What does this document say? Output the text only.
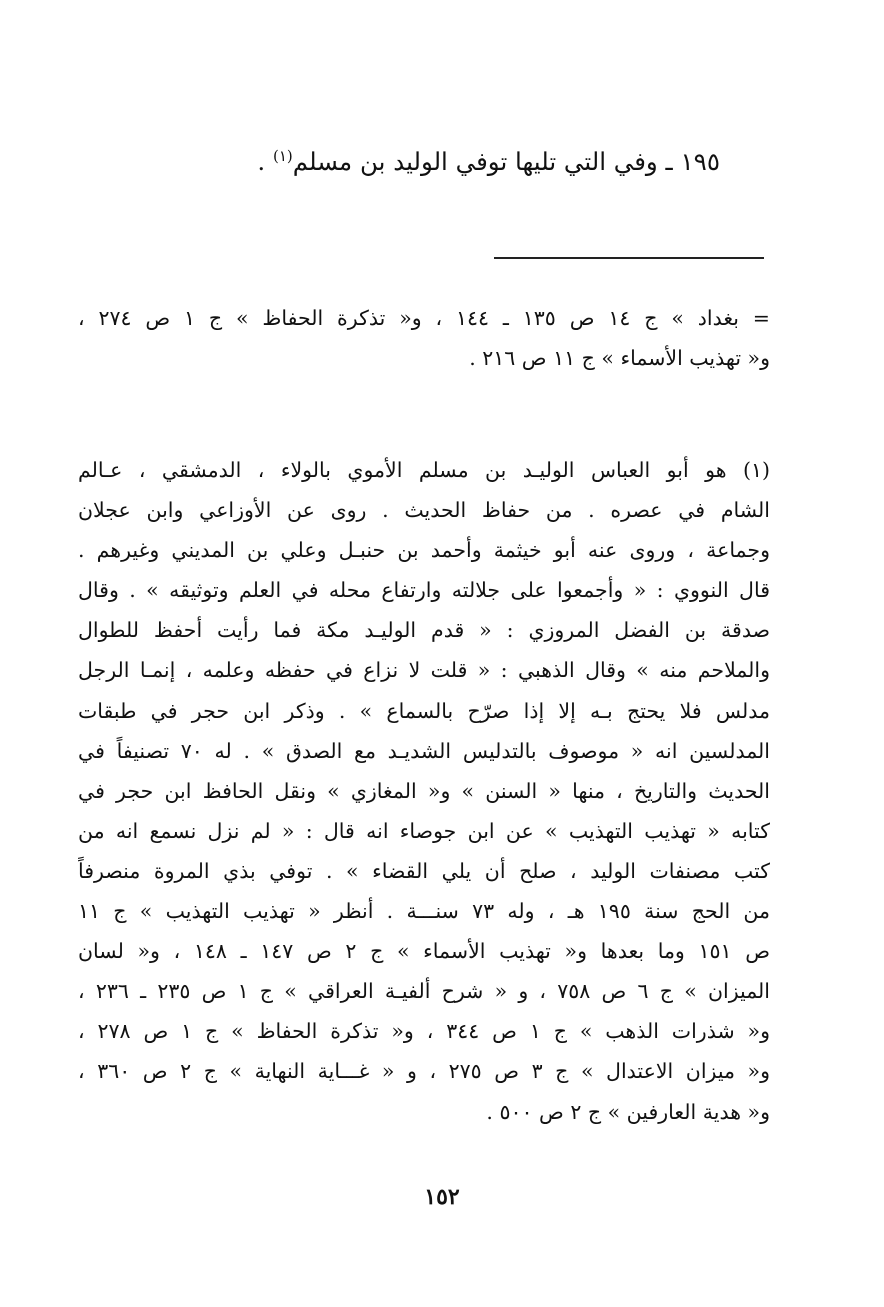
١٩٥ ـ وفي التي تليها توفي الوليد بن مسلم$^{(١)}$ .
= بغداد » ج ١٤ ص ١٣٥ ـ ١٤٤ ، و« تذكرة الحفاظ » ج ١ ص ٢٧٤ ،
و« تهذيب الأسماء » ج ١١ ص ٢١٦ .
(١) هو أبو العباس الوليـد بن مسلم الأموي بالولاء ، الدمشقي ، عـالم
الشام في عصره . من حفاظ الحديث . روى عن الأوزاعي وابن عجلان
وجماعة ، وروى عنه أبو خيثمة وأحمد بن حنبـل وعلي بن المديني وغيرهم .
قال النووي : « وأجمعوا على جلالته وارتفاع محله في العلم وتوثيقه » . وقال
صدقة بن الفضل المروزي : « قدم الوليـد مكة فما رأيت أحفظ للطوال
والملاحم منه » وقال الذهبي : « قلت لا نزاع في حفظه وعلمه ، إنمـا الرجل
مدلس فلا يحتج بـه إلا إذا صرّح بالسماع » . وذكر ابن حجر في طبقات
المدلسين انه « موصوف بالتدليس الشديـد مع الصدق » . له ٧٠ تصنيفاً في
الحديث والتاريخ ، منها « السنن » و« المغازي » ونقل الحافظ ابن حجر في
كتابه « تهذيب التهذيب » عن ابن جوصاء انه قال : « لم نزل نسمع انه من
كتب مصنفات الوليد ، صلح أن يلي القضاء » . توفي بذي المروة منصرفاً
من الحج سنة ١٩٥ هـ ، وله ٧٣ سنـــة . أنظر « تهذيب التهذيب » ج ١١
ص ١٥١ وما بعدها و« تهذيب الأسماء » ج ٢ ص ١٤٧ ـ ١٤٨ ، و« لسان
الميزان » ج ٦ ص ٧٥٨ ، و « شرح ألفيـة العراقي » ج ١ ص ٢٣٥ ـ ٢٣٦ ،
و« شذرات الذهب » ج ١ ص ٣٤٤ ، و« تذكرة الحفاظ » ج ١ ص ٢٧٨ ،
و« ميزان الاعتدال » ج ٣ ص ٢٧٥ ، و « غـــاية النهاية » ج ٢ ص ٣٦٠ ،
و« هدية العارفين » ج ٢ ص ٥٠٠ .
١٥٢
